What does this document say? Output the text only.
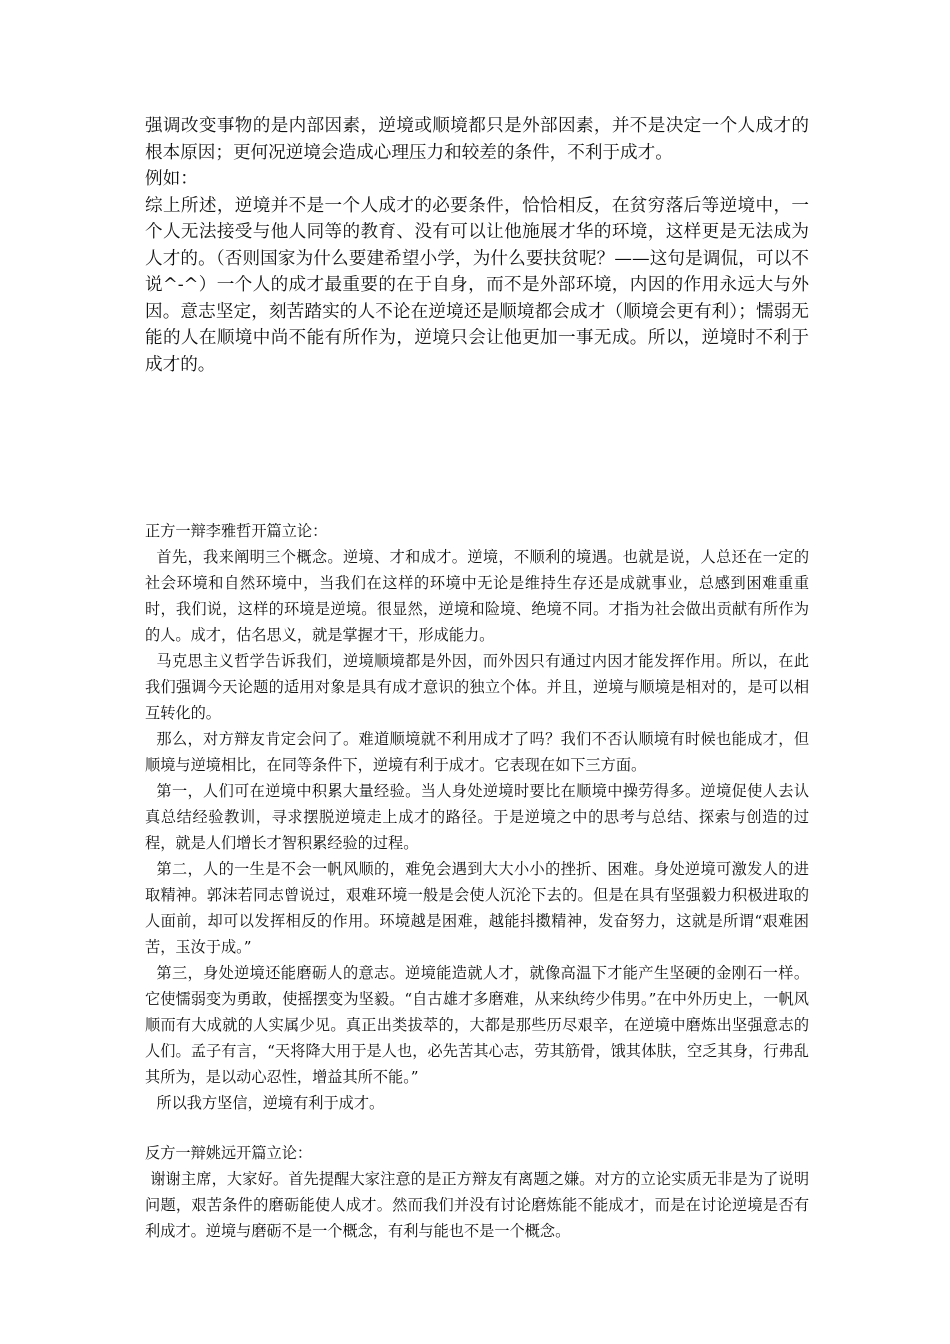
强调改变事物的是内部因素，逆境或顺境都只是外部因素，并不是决定一个人成才的根本原因；更何况逆境会造成心理压力和较差的条件，不利于成才。

例如：

综上所述，逆境并不是一个人成才的必要条件，恰恰相反，在贫穷落后等逆境中，一个人无法接受与他人同等的教育、没有可以让他施展才华的环境，这样更是无法成为人才的。（否则国家为什么要建希望小学，为什么要扶贫呢？——这句是调侃，可以不说^-^）一个人的成才最重要的在于自身，而不是外部环境，内因的作用永远大与外因。意志坚定，刻苦踏实的人不论在逆境还是顺境都会成才（顺境会更有利）；懦弱无能的人在顺境中尚不能有所作为，逆境只会让他更加一事无成。所以，逆境时不利于成才的。

正方一辩李雅哲开篇立论：

首先，我来阐明三个概念。逆境、才和成才。逆境，不顺利的境遇。也就是说，人总还在一定的社会环境和自然环境中，当我们在这样的环境中无论是维持生存还是成就事业，总感到困难重重时，我们说，这样的环境是逆境。很显然，逆境和险境、绝境不同。才指为社会做出贡献有所作为的人。成才，估名思义，就是掌握才干，形成能力。

马克思主义哲学告诉我们，逆境顺境都是外因，而外因只有通过内因才能发挥作用。所以，在此我们强调今天论题的适用对象是具有成才意识的独立个体。并且，逆境与顺境是相对的，是可以相互转化的。

那么，对方辩友肯定会问了。难道顺境就不利用成才了吗？我们不否认顺境有时候也能成才，但顺境与逆境相比，在同等条件下，逆境有利于成才。它表现在如下三方面。

第一，人们可在逆境中积累大量经验。当人身处逆境时要比在顺境中操劳得多。逆境促使人去认真总结经验教训，寻求摆脱逆境走上成才的路径。于是逆境之中的思考与总结、探索与创造的过程，就是人们增长才智积累经验的过程。

第二，人的一生是不会一帆风顺的，难免会遇到大大小小的挫折、困难。身处逆境可激发人的进取精神。郭沫若同志曾说过，艰难环境一般是会使人沉沦下去的。但是在具有坚强毅力积极进取的人面前，却可以发挥相反的作用。环境越是困难，越能抖擞精神，发奋努力，这就是所谓“艰难困苦，玉汝于成。”

第三，身处逆境还能磨砺人的意志。逆境能造就人才，就像高温下才能产生坚硬的金刚石一样。它使懦弱变为勇敢，使摇摆变为坚毅。“自古雄才多磨难，从来纨绔少伟男。”在中外历史上，一帆风顺而有大成就的人实属少见。真正出类拔萃的，大都是那些历尽艰辛，在逆境中磨炼出坚强意志的人们。孟子有言，“天将降大用于是人也，必先苦其心志，劳其筋骨，饿其体肤，空乏其身，行弗乱其所为，是以动心忍性，增益其所不能。”

所以我方坚信，逆境有利于成才。

反方一辩姚远开篇立论：

谢谢主席，大家好。首先提醒大家注意的是正方辩友有离题之嫌。对方的立论实质无非是为了说明问题，艰苦条件的磨砺能使人成才。然而我们并没有讨论磨炼能不能成才，而是在讨论逆境是否有利成才。逆境与磨砺不是一个概念，有利与能也不是一个概念。
